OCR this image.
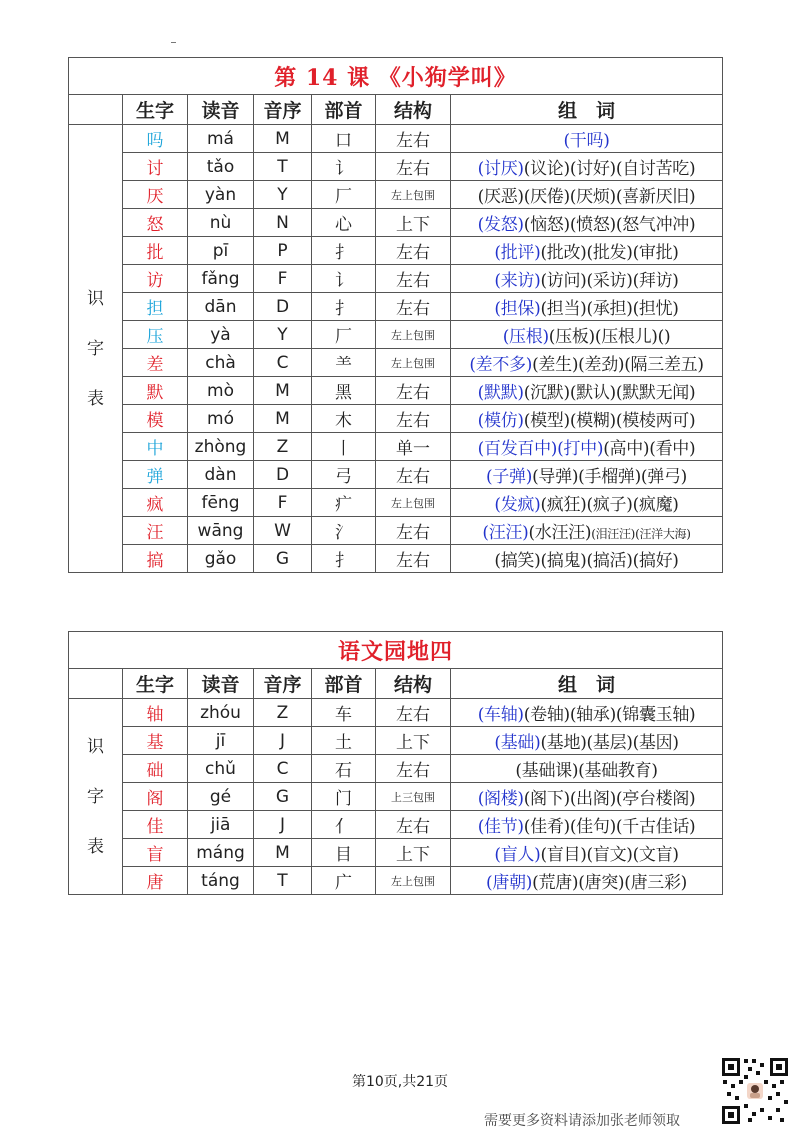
第 14 课 《小狗学叫》						
	生字	读音	音序	部首	结构	组　词

识
字
表	吗	má	M	口	左右	(干吗)
	讨	tǎo	T	讠	左右	(讨厌)(议论)(讨好)(自讨苦吃)
	厌	yàn	Y	厂	左上包围	(厌恶)(厌倦)(厌烦)(喜新厌旧)
	怒	nù	N	心	上下	(发怒)(恼怒)(愤怒)(怒气冲冲)
	批	pī	P	扌	左右	(批评)(批改)(批发)(审批)
	访	fǎng	F	讠	左右	(来访)(访问)(采访)(拜访)
	担	dān	D	扌	左右	(担保)(担当)(承担)(担忧)
	压	yà	Y	厂	左上包围	(压根)(压板)(压根儿)()
	差	chà	C	⺷	左上包围	(差不多)(差生)(差劲)(隔三差五)
	默	mò	M	黑	左右	(默默)(沉默)(默认)(默默无闻)
	模	mó	M	木	左右	(模仿)(模型)(模糊)(模棱两可)
	中	zhòng	Z	丨	单一	(百发百中)(打中)(高中)(看中)
	弹	dàn	D	弓	左右	(子弹)(导弹)(手榴弹)(弹弓)
	疯	fēng	F	疒	左上包围	(发疯)(疯狂)(疯子)(疯魔)
	汪	wāng	W	氵	左右	(汪汪)(水汪汪)(泪汪汪)(汪洋大海)
	搞	gǎo	G	扌	左右	(搞笑)(搞鬼)(搞活)(搞好)
语文园地四						
	生字	读音	音序	部首	结构	组　词

识
字
表	轴	zhóu	Z	车	左右	(车轴)(卷轴)(轴承)(锦囊玉轴)
	基	jī	J	土	上下	(基础)(基地)(基层)(基因)
	础	chǔ	C	石	左右	(基础课)(基础教育)
	阁	gé	G	门	上三包围	(阁楼)(阁下)(出阁)(亭台楼阁)
	佳	jiā	J	亻	左右	(佳节)(佳肴)(佳句)(千古佳话)
	盲	máng	M	目	上下	(盲人)(盲目)(盲文)(文盲)
	唐	táng	T	广	左上包围	(唐朝)(荒唐)(唐突)(唐三彩)
第10页,共21页
需要更多资料请添加张老师领取
